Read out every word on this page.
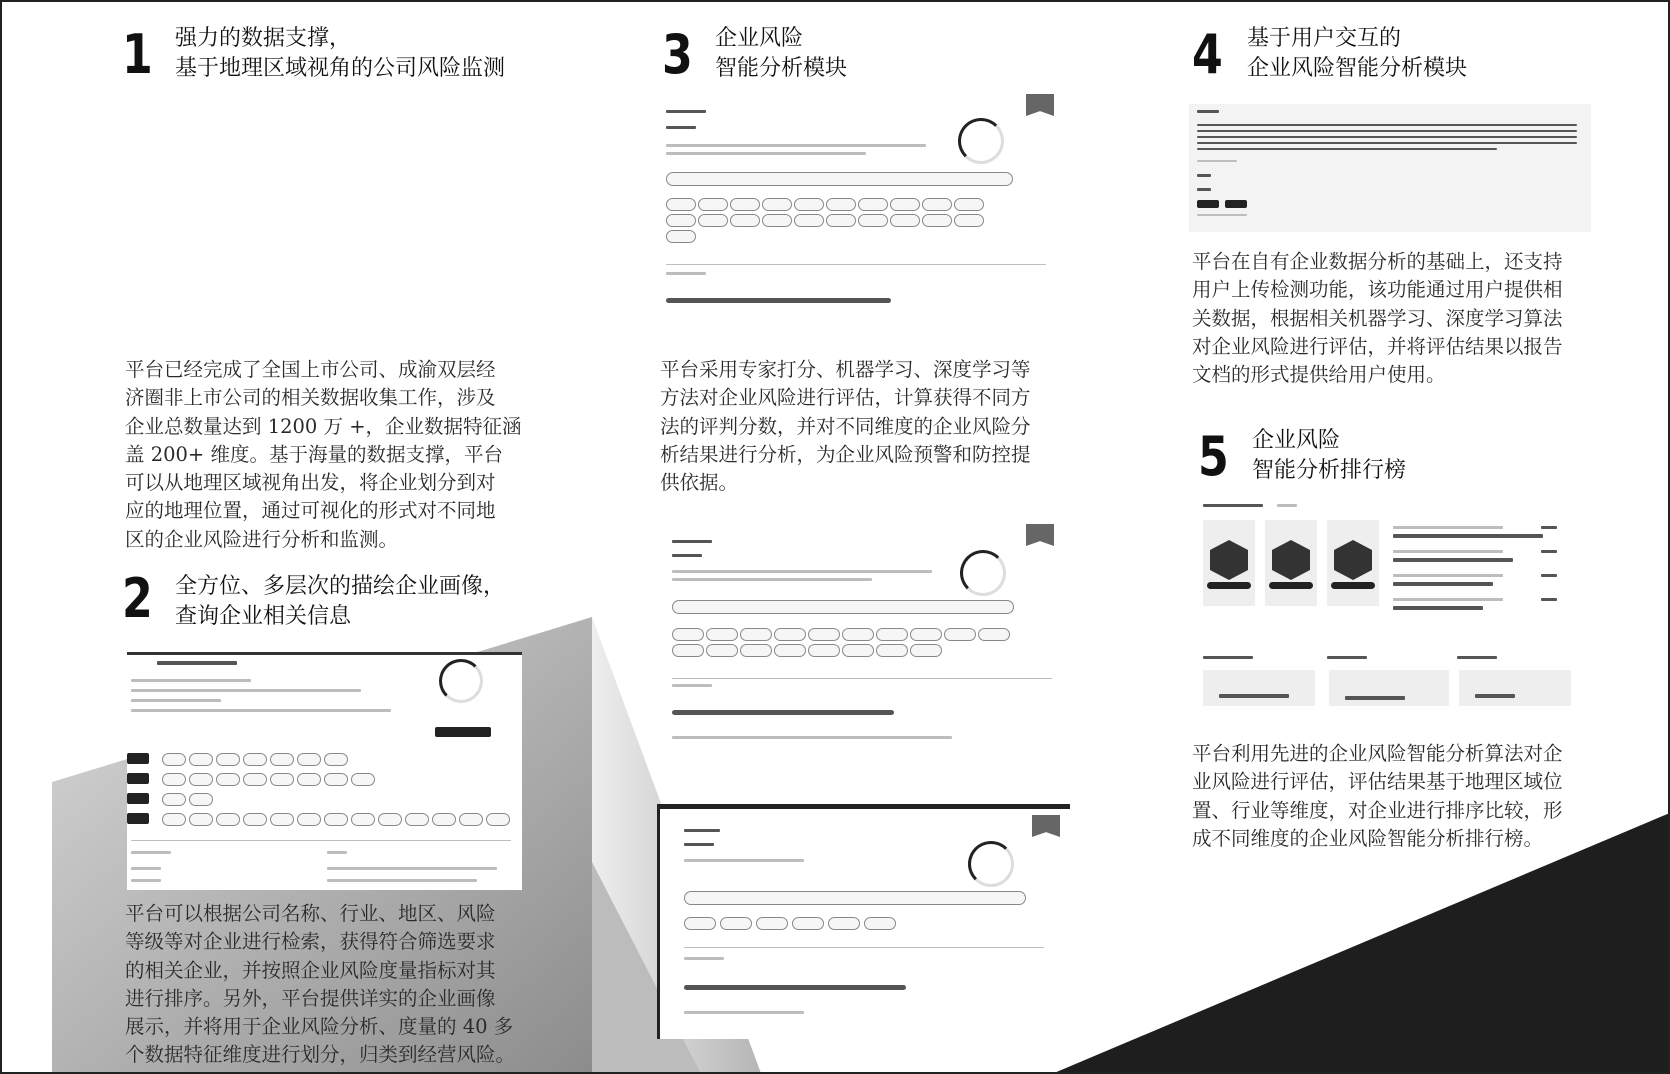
1 强力的数据支撑，
基于地理区域视角的公司风险监测
平台已经完成了全国上市公司、成渝双层经
济圈非上市公司的相关数据收集工作，涉及
企业总数量达到 1200 万 +，企业数据特征涵
盖 200+ 维度。基于海量的数据支撑，平台
可以从地理区域视角出发，将企业划分到对
应的地理位置，通过可视化的形式对不同地
区的企业风险进行分析和监测。
2 全方位、多层次的描绘企业画像，
查询企业相关信息
平台可以根据公司名称、行业、地区、风险
等级等对企业进行检索，获得符合筛选要求
的相关企业，并按照企业风险度量指标对其
进行排序。另外，平台提供详实的企业画像
展示，并将用于企业风险分析、度量的 40 多
个数据特征维度进行划分，归类到经营风险。
3 企业风险
智能分析模块
平台采用专家打分、机器学习、深度学习等
方法对企业风险进行评估，计算获得不同方
法的评判分数，并对不同维度的企业风险分
析结果进行分析，为企业风险预警和防控提
供依据。
4 基于用户交互的
企业风险智能分析模块
平台在自有企业数据分析的基础上，还支持
用户上传检测功能，该功能通过用户提供相
关数据，根据相关机器学习、深度学习算法
对企业风险进行评估，并将评估结果以报告
文档的形式提供给用户使用。
5 企业风险
智能分析排行榜
平台利用先进的企业风险智能分析算法对企
业风险进行评估，评估结果基于地理区域位
置、行业等维度，对企业进行排序比较，形
成不同维度的企业风险智能分析排行榜。
